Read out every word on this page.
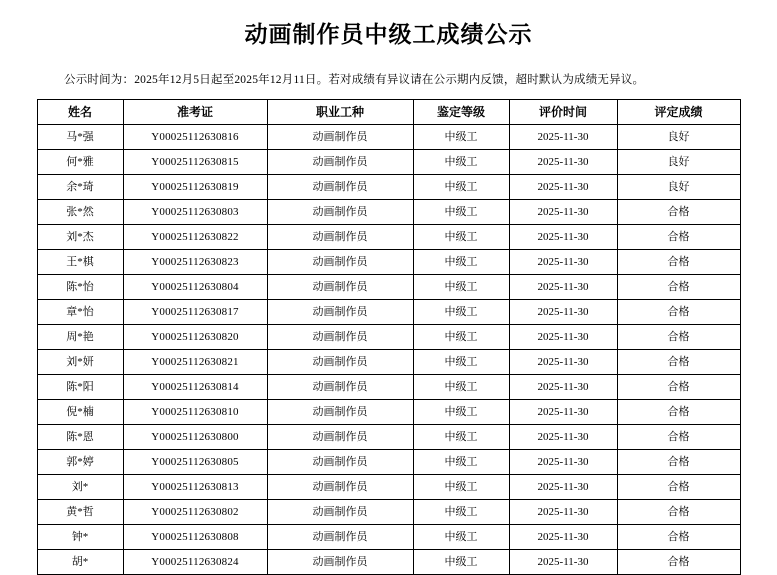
动画制作员中级工成绩公示

公示时间为：2025年12月5日起至2025年12月11日。若对成绩有异议请在公示期内反馈，超时默认为成绩无异议。

姓名	准考证	职业工种	鉴定等级	评价时间	评定成绩
马*强	Y00025112630816	动画制作员	中级工	2025-11-30	良好
何*雅	Y00025112630815	动画制作员	中级工	2025-11-30	良好
余*琦	Y00025112630819	动画制作员	中级工	2025-11-30	良好
张*然	Y00025112630803	动画制作员	中级工	2025-11-30	合格
刘*杰	Y00025112630822	动画制作员	中级工	2025-11-30	合格
王*棋	Y00025112630823	动画制作员	中级工	2025-11-30	合格
陈*怡	Y00025112630804	动画制作员	中级工	2025-11-30	合格
章*怡	Y00025112630817	动画制作员	中级工	2025-11-30	合格
周*艳	Y00025112630820	动画制作员	中级工	2025-11-30	合格
刘*妍	Y00025112630821	动画制作员	中级工	2025-11-30	合格
陈*阳	Y00025112630814	动画制作员	中级工	2025-11-30	合格
倪*楠	Y00025112630810	动画制作员	中级工	2025-11-30	合格
陈*恩	Y00025112630800	动画制作员	中级工	2025-11-30	合格
郭*婷	Y00025112630805	动画制作员	中级工	2025-11-30	合格
刘*	Y00025112630813	动画制作员	中级工	2025-11-30	合格
黄*哲	Y00025112630802	动画制作员	中级工	2025-11-30	合格
钟*	Y00025112630808	动画制作员	中级工	2025-11-30	合格
胡*	Y00025112630824	动画制作员	中级工	2025-11-30	合格
